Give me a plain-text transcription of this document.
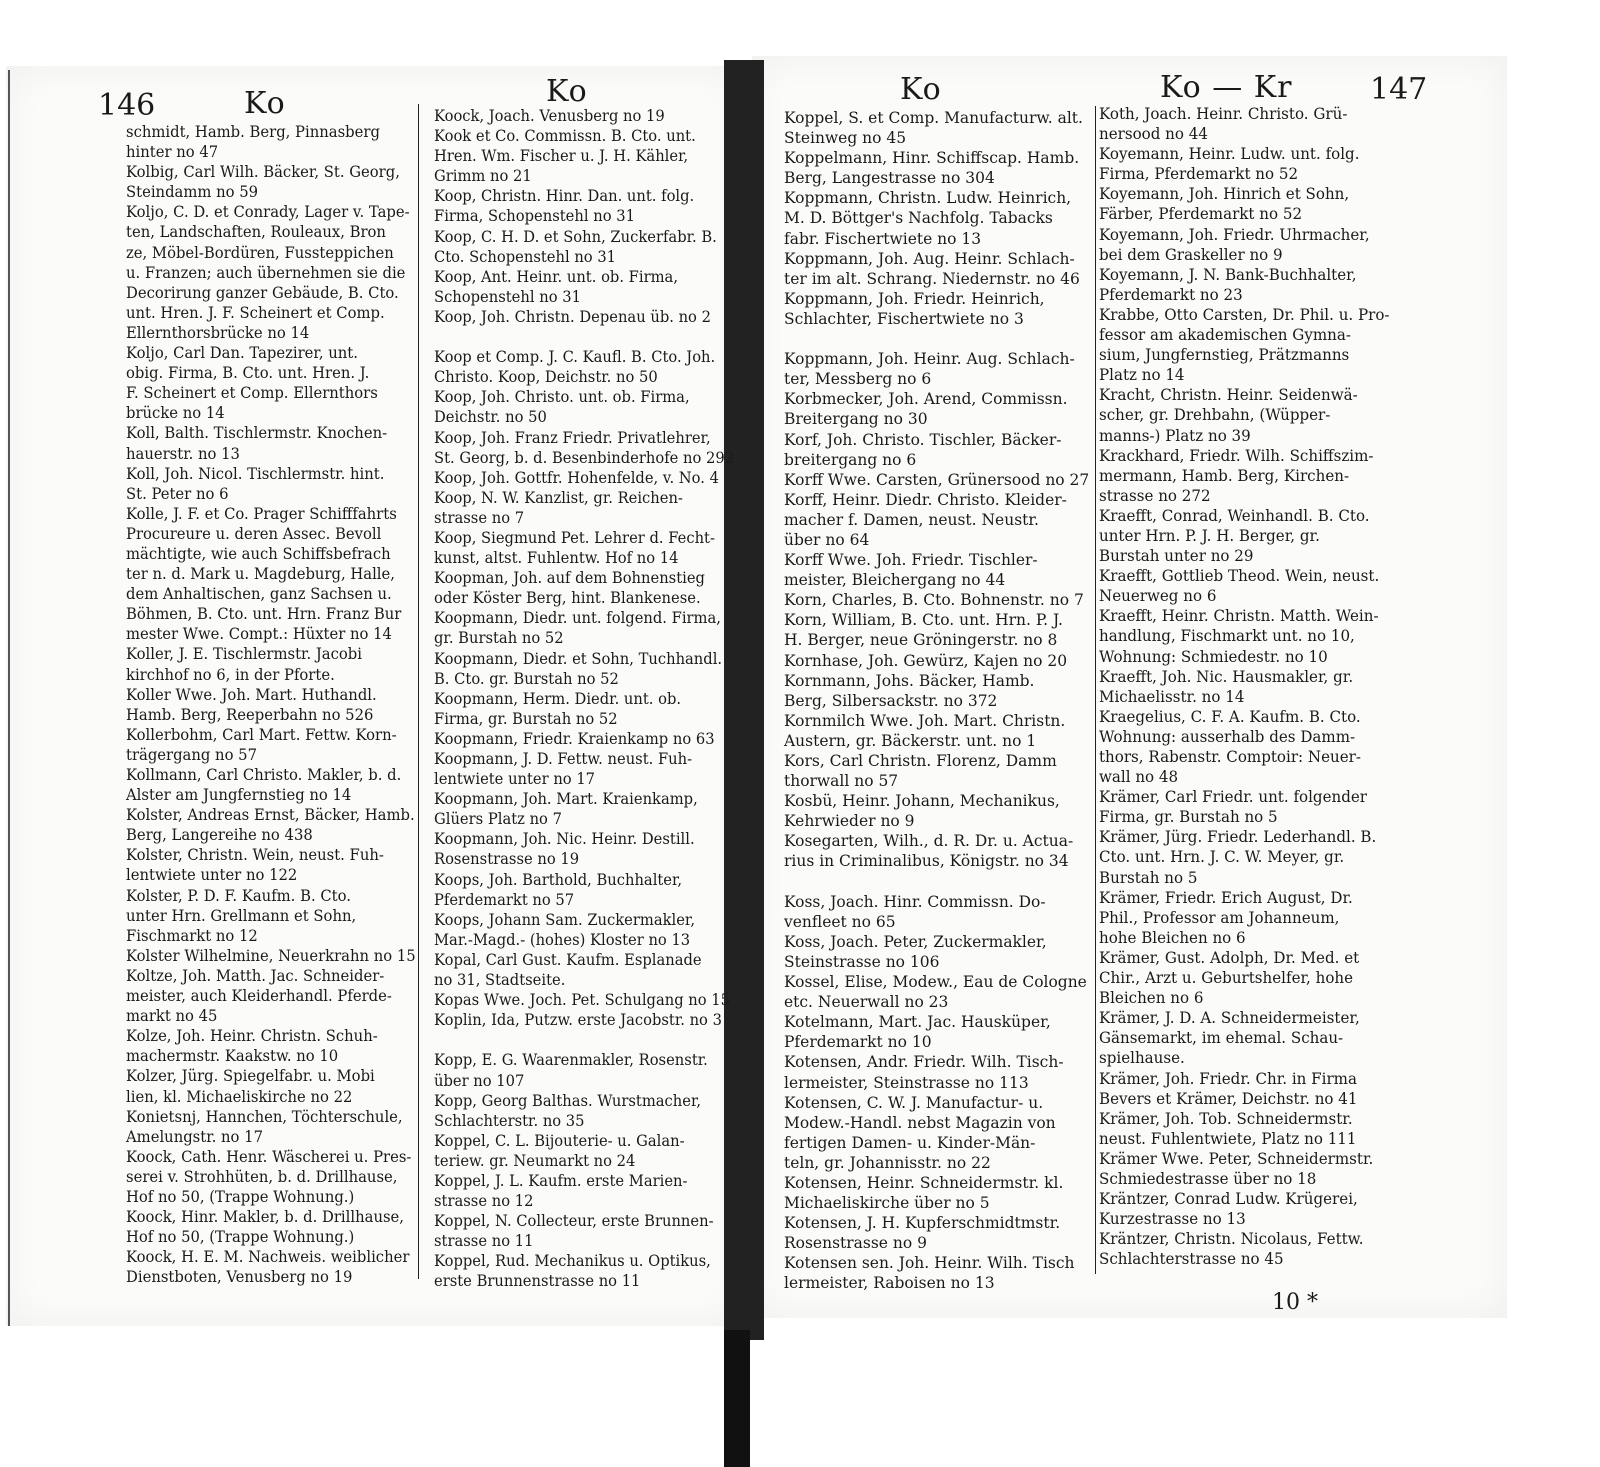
146	Ko	Ko	Ko	Ko — Kr	147
schmidt, Hamb. Berg, Pinnasberg
hinter no 47
Kolbig, Carl Wilh. Bäcker, St. Georg,
Steindamm no 59
Koljo, C. D. et Conrady, Lager v. Tape-
ten, Landschaften, Rouleaux, Bron
ze, Möbel-Bordüren, Fussteppichen
u. Franzen; auch übernehmen sie die
Decorirung ganzer Gebäude, B. Cto.
unt. Hren. J. F. Scheinert et Comp.
Ellernthorsbrücke no 14
Koljo, Carl Dan. Tapezirer, unt.
obig. Firma, B. Cto. unt. Hren. J.
F. Scheinert et Comp. Ellernthors
brücke no 14
Koll, Balth. Tischlermstr. Knochen-
hauerstr. no 13
Koll, Joh. Nicol. Tischlermstr. hint.
St. Peter no 6
Kolle, J. F. et Co. Prager Schifffahrts
Procureure u. deren Assec. Bevoll
mächtigte, wie auch Schiffsbefrach
ter n. d. Mark u. Magdeburg, Halle,
dem Anhaltischen, ganz Sachsen u.
Böhmen, B. Cto. unt. Hrn. Franz Bur
mester Wwe. Compt.: Hüxter no 14
Koller, J. E. Tischlermstr. Jacobi
kirchhof no 6, in der Pforte.
Koller Wwe. Joh. Mart. Huthandl.
Hamb. Berg, Reeperbahn no 526
Kollerbohm, Carl Mart. Fettw. Korn-
trägergang no 57
Kollmann, Carl Christo. Makler, b. d.
Alster am Jungfernstieg no 14
Kolster, Andreas Ernst, Bäcker, Hamb.
Berg, Langereihe no 438
Kolster, Christn. Wein, neust. Fuh-
lentwiete unter no 122
Kolster, P. D. F. Kaufm. B. Cto.
unter Hrn. Grellmann et Sohn,
Fischmarkt no 12
Kolster Wilhelmine, Neuerkrahn no 15
Koltze, Joh. Matth. Jac. Schneider-
meister, auch Kleiderhandl. Pferde-
markt no 45
Kolze, Joh. Heinr. Christn. Schuh-
machermstr. Kaakstw. no 10
Kolzer, Jürg. Spiegelfabr. u. Mobi
lien, kl. Michaeliskirche no 22
Konietsnj, Hannchen, Töchterschule,
Amelungstr. no 17
Koock, Cath. Henr. Wäscherei u. Pres-
serei v. Strohhüten, b. d. Drillhause,
Hof no 50, (Trappe Wohnung.)
Koock, Hinr. Makler, b. d. Drillhause,
Hof no 50, (Trappe Wohnung.)
Koock, H. E. M. Nachweis. weiblicher
Dienstboten, Venusberg no 19
Koock, Joach. Venusberg no 19
Kook et Co. Commissn. B. Cto. unt.
Hren. Wm. Fischer u. J. H. Kähler,
Grimm no 21
Koop, Christn. Hinr. Dan. unt. folg.
Firma, Schopenstehl no 31
Koop, C. H. D. et Sohn, Zuckerfabr. B.
Cto. Schopenstehl no 31
Koop, Ant. Heinr. unt. ob. Firma,
Schopenstehl no 31
Koop, Joh. Christn. Depenau üb. no 2

Koop et Comp. J. C. Kaufl. B. Cto. Joh.
Christo. Koop, Deichstr. no 50
Koop, Joh. Christo. unt. ob. Firma,
Deichstr. no 50
Koop, Joh. Franz Friedr. Privatlehrer,
St. Georg, b. d. Besenbinderhofe no 292
Koop, Joh. Gottfr. Hohenfelde, v. No. 4
Koop, N. W. Kanzlist, gr. Reichen-
strasse no 7
Koop, Siegmund Pet. Lehrer d. Fecht-
kunst, altst. Fuhlentw. Hof no 14
Koopman, Joh. auf dem Bohnenstieg
oder Köster Berg, hint. Blankenese.
Koopmann, Diedr. unt. folgend. Firma,
gr. Burstah no 52
Koopmann, Diedr. et Sohn, Tuchhandl.
B. Cto. gr. Burstah no 52
Koopmann, Herm. Diedr. unt. ob.
Firma, gr. Burstah no 52
Koopmann, Friedr. Kraienkamp no 63
Koopmann, J. D. Fettw. neust. Fuh-
lentwiete unter no 17
Koopmann, Joh. Mart. Kraienkamp,
Glüers Platz no 7
Koopmann, Joh. Nic. Heinr. Destill.
Rosenstrasse no 19
Koops, Joh. Barthold, Buchhalter,
Pferdemarkt no 57
Koops, Johann Sam. Zuckermakler,
Mar.-Magd.- (hohes) Kloster no 13
Kopal, Carl Gust. Kaufm. Esplanade
no 31, Stadtseite.
Kopas Wwe. Joch. Pet. Schulgang no 15
Koplin, Ida, Putzw. erste Jacobstr. no 3

Kopp, E. G. Waarenmakler, Rosenstr.
über no 107
Kopp, Georg Balthas. Wurstmacher,
Schlachterstr. no 35
Koppel, C. L. Bijouterie- u. Galan-
teriew. gr. Neumarkt no 24
Koppel, J. L. Kaufm. erste Marien-
strasse no 12
Koppel, N. Collecteur, erste Brunnen-
strasse no 11
Koppel, Rud. Mechanikus u. Optikus,
erste Brunnenstrasse no 11
Koppel, S. et Comp. Manufacturw. alt.
Steinweg no 45
Koppelmann, Hinr. Schiffscap. Hamb.
Berg, Langestrasse no 304
Koppmann, Christn. Ludw. Heinrich,
M. D. Böttger's Nachfolg. Tabacks
fabr. Fischertwiete no 13
Koppmann, Joh. Aug. Heinr. Schlach-
ter im alt. Schrang. Niedernstr. no 46
Koppmann, Joh. Friedr. Heinrich,
Schlachter, Fischertwiete no 3

Koppmann, Joh. Heinr. Aug. Schlach-
ter, Messberg no 6
Korbmecker, Joh. Arend, Commissn.
Breitergang no 30
Korf, Joh. Christo. Tischler, Bäcker-
breitergang no 6
Korff Wwe. Carsten, Grünersood no 27
Korff, Heinr. Diedr. Christo. Kleider-
macher f. Damen, neust. Neustr.
über no 64
Korff Wwe. Joh. Friedr. Tischler-
meister, Bleichergang no 44
Korn, Charles, B. Cto. Bohnenstr. no 7
Korn, William, B. Cto. unt. Hrn. P. J.
H. Berger, neue Gröningerstr. no 8
Kornhase, Joh. Gewürz, Kajen no 20
Kornmann, Johs. Bäcker, Hamb.
Berg, Silbersackstr. no 372
Kornmilch Wwe. Joh. Mart. Christn.
Austern, gr. Bäckerstr. unt. no 1
Kors, Carl Christn. Florenz, Damm
thorwall no 57
Kosbü, Heinr. Johann, Mechanikus,
Kehrwieder no 9
Kosegarten, Wilh., d. R. Dr. u. Actua-
rius in Criminalibus, Königstr. no 34

Koss, Joach. Hinr. Commissn. Do-
venfleet no 65
Koss, Joach. Peter, Zuckermakler,
Steinstrasse no 106
Kossel, Elise, Modew., Eau de Cologne
etc. Neuerwall no 23
Kotelmann, Mart. Jac. Hausküper,
Pferdemarkt no 10
Kotensen, Andr. Friedr. Wilh. Tisch-
lermeister, Steinstrasse no 113
Kotensen, C. W. J. Manufactur- u.
Modew.-Handl. nebst Magazin von
fertigen Damen- u. Kinder-Män-
teln, gr. Johannisstr. no 22
Kotensen, Heinr. Schneidermstr. kl.
Michaeliskirche über no 5
Kotensen, J. H. Kupferschmidtmstr.
Rosenstrasse no 9
Kotensen sen. Joh. Heinr. Wilh. Tisch
lermeister, Raboisen no 13
Koth, Joach. Heinr. Christo. Grü-
nersood no 44
Koyemann, Heinr. Ludw. unt. folg.
Firma, Pferdemarkt no 52
Koyemann, Joh. Hinrich et Sohn,
Färber, Pferdemarkt no 52
Koyemann, Joh. Friedr. Uhrmacher,
bei dem Graskeller no 9
Koyemann, J. N. Bank-Buchhalter,
Pferdemarkt no 23
Krabbe, Otto Carsten, Dr. Phil. u. Pro-
fessor am akademischen Gymna-
sium, Jungfernstieg, Prätzmanns
Platz no 14
Kracht, Christn. Heinr. Seidenwä-
scher, gr. Drehbahn, (Wüpper-
manns-) Platz no 39
Krackhard, Friedr. Wilh. Schiffszim-
mermann, Hamb. Berg, Kirchen-
strasse no 272
Kraefft, Conrad, Weinhandl. B. Cto.
unter Hrn. P. J. H. Berger, gr.
Burstah unter no 29
Kraefft, Gottlieb Theod. Wein, neust.
Neuerweg no 6
Kraefft, Heinr. Christn. Matth. Wein-
handlung, Fischmarkt unt. no 10,
Wohnung: Schmiedestr. no 10
Kraefft, Joh. Nic. Hausmakler, gr.
Michaelisstr. no 14
Kraegelius, C. F. A. Kaufm. B. Cto.
Wohnung: ausserhalb des Damm-
thors, Rabenstr. Comptoir: Neuer-
wall no 48
Krämer, Carl Friedr. unt. folgender
Firma, gr. Burstah no 5
Krämer, Jürg. Friedr. Lederhandl. B.
Cto. unt. Hrn. J. C. W. Meyer, gr.
Burstah no 5
Krämer, Friedr. Erich August, Dr.
Phil., Professor am Johanneum,
hohe Bleichen no 6
Krämer, Gust. Adolph, Dr. Med. et
Chir., Arzt u. Geburtshelfer, hohe
Bleichen no 6
Krämer, J. D. A. Schneidermeister,
Gänsemarkt, im ehemal. Schau-
spielhause.
Krämer, Joh. Friedr. Chr. in Firma
Bevers et Krämer, Deichstr. no 41
Krämer, Joh. Tob. Schneidermstr.
neust. Fuhlentwiete, Platz no 111
Krämer Wwe. Peter, Schneidermstr.
Schmiedestrasse über no 18
Kräntzer, Conrad Ludw. Krügerei,
Kurzestrasse no 13
Kräntzer, Christn. Nicolaus, Fettw.
Schlachterstrasse no 45
10 *
